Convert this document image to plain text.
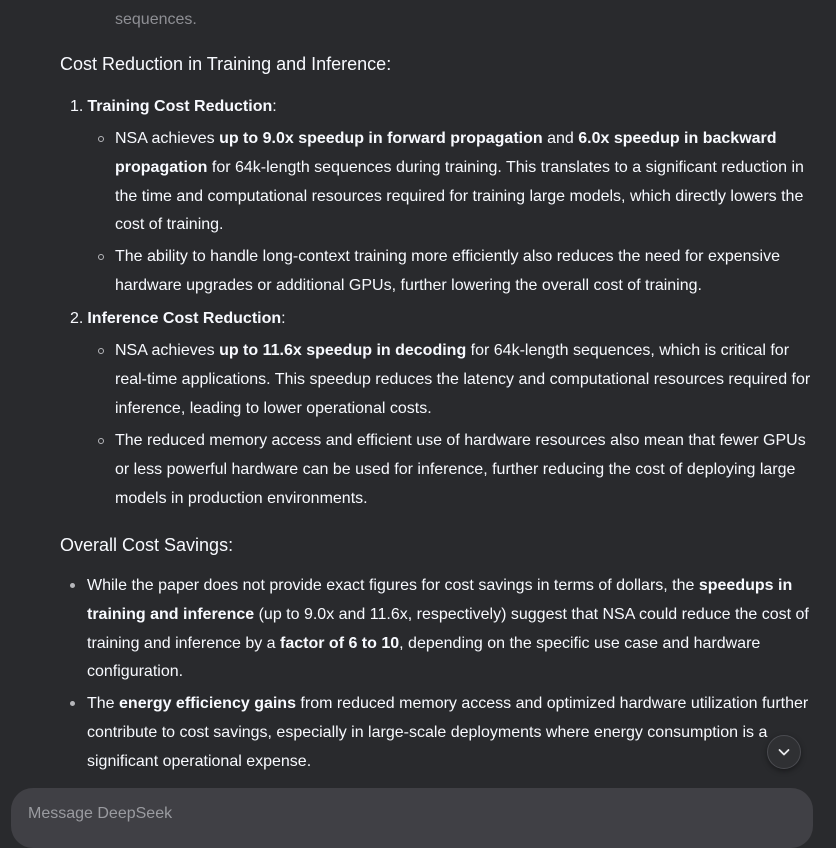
sequences.
Cost Reduction in Training and Inference:
1. Training Cost Reduction:
NSA achieves up to 9.0x speedup in forward propagation and 6.0x speedup in backward propagation for 64k-length sequences during training. This translates to a significant reduction in the time and computational resources required for training large models, which directly lowers the cost of training.
The ability to handle long-context training more efficiently also reduces the need for expensive hardware upgrades or additional GPUs, further lowering the overall cost of training.
2. Inference Cost Reduction:
NSA achieves up to 11.6x speedup in decoding for 64k-length sequences, which is critical for real-time applications. This speedup reduces the latency and computational resources required for inference, leading to lower operational costs.
The reduced memory access and efficient use of hardware resources also mean that fewer GPUs or less powerful hardware can be used for inference, further reducing the cost of deploying large models in production environments.
Overall Cost Savings:
While the paper does not provide exact figures for cost savings in terms of dollars, the speedups in training and inference (up to 9.0x and 11.6x, respectively) suggest that NSA could reduce the cost of training and inference by a factor of 6 to 10, depending on the specific use case and hardware configuration.
The energy efficiency gains from reduced memory access and optimized hardware utilization further contribute to cost savings, especially in large-scale deployments where energy consumption is a significant operational expense.
Message DeepSeek
